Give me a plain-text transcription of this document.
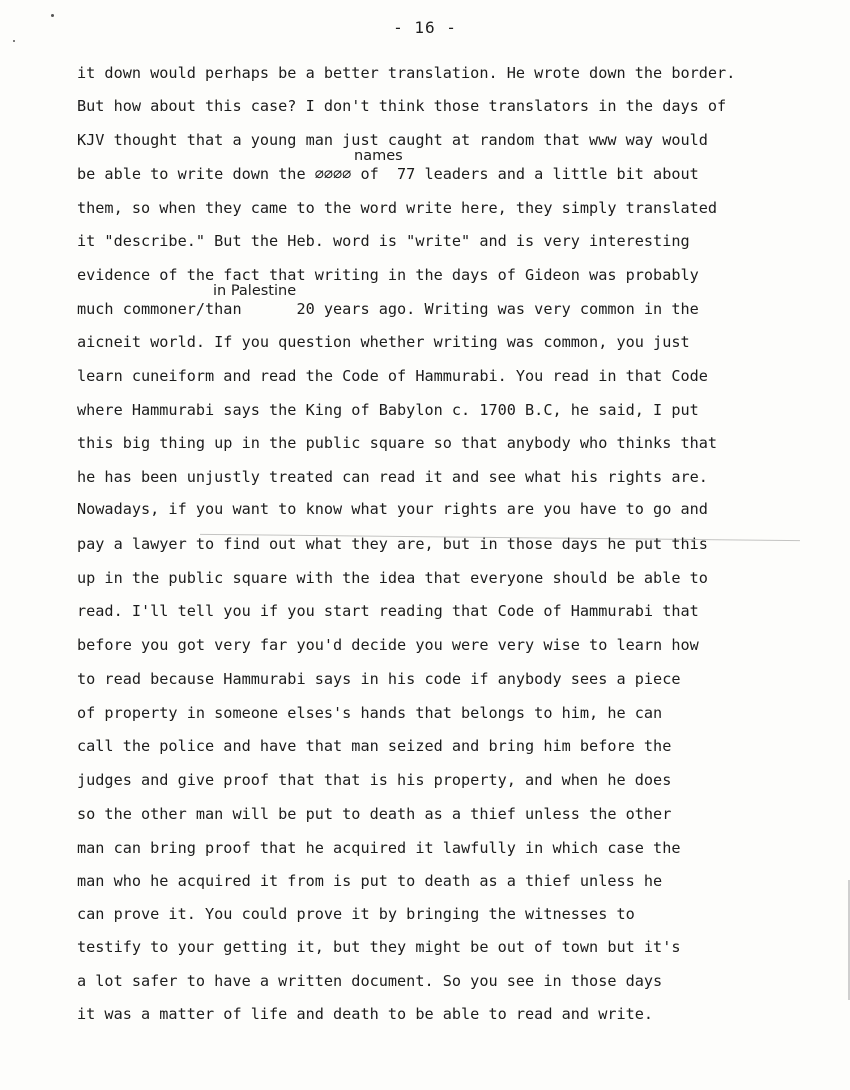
- 16 -
names
in Palestine
it down would perhaps be a better translation. He wrote down the border.
But how about this case? I don't think those translators in the days of
KJV thought that a young man just caught at random that www way would
be able to write down the ∅∅∅∅ of  77 leaders and a little bit about
them, so when they came to the word write here, they simply translated
it "describe." But the Heb. word is "write" and is very interesting
evidence of the fact that writing in the days of Gideon was probably
much commoner/than      20 years ago. Writing was very common in the
aicneit world. If you question whether writing was common, you just
learn cuneiform and read the Code of Hammurabi. You read in that Code
where Hammurabi says the King of Babylon c. 1700 B.C, he said, I put
this big thing up in the public square so that anybody who thinks that
he has been unjustly treated can read it and see what his rights are.
Nowadays, if you want to know what your rights are you have to go and
pay a lawyer to find out what they are, but in those days he put this
up in the public square with the idea that everyone should be able to
read. I'll tell you if you start reading that Code of Hammurabi that
before you got very far you'd decide you were very wise to learn how
to read because Hammurabi says in his code if anybody sees a piece
of property in someone elses's hands that belongs to him, he can
call the police and have that man seized and bring him before the
judges and give proof that that is his property, and when he does
so the other man will be put to death as a thief unless the other
man can bring proof that he acquired it lawfully in which case the
man who he acquired it from is put to death as a thief unless he
can prove it. You could prove it by bringing the witnesses to
testify to your getting it, but they might be out of town but it's
a lot safer to have a written document. So you see in those days
it was a matter of life and death to be able to read and write.
